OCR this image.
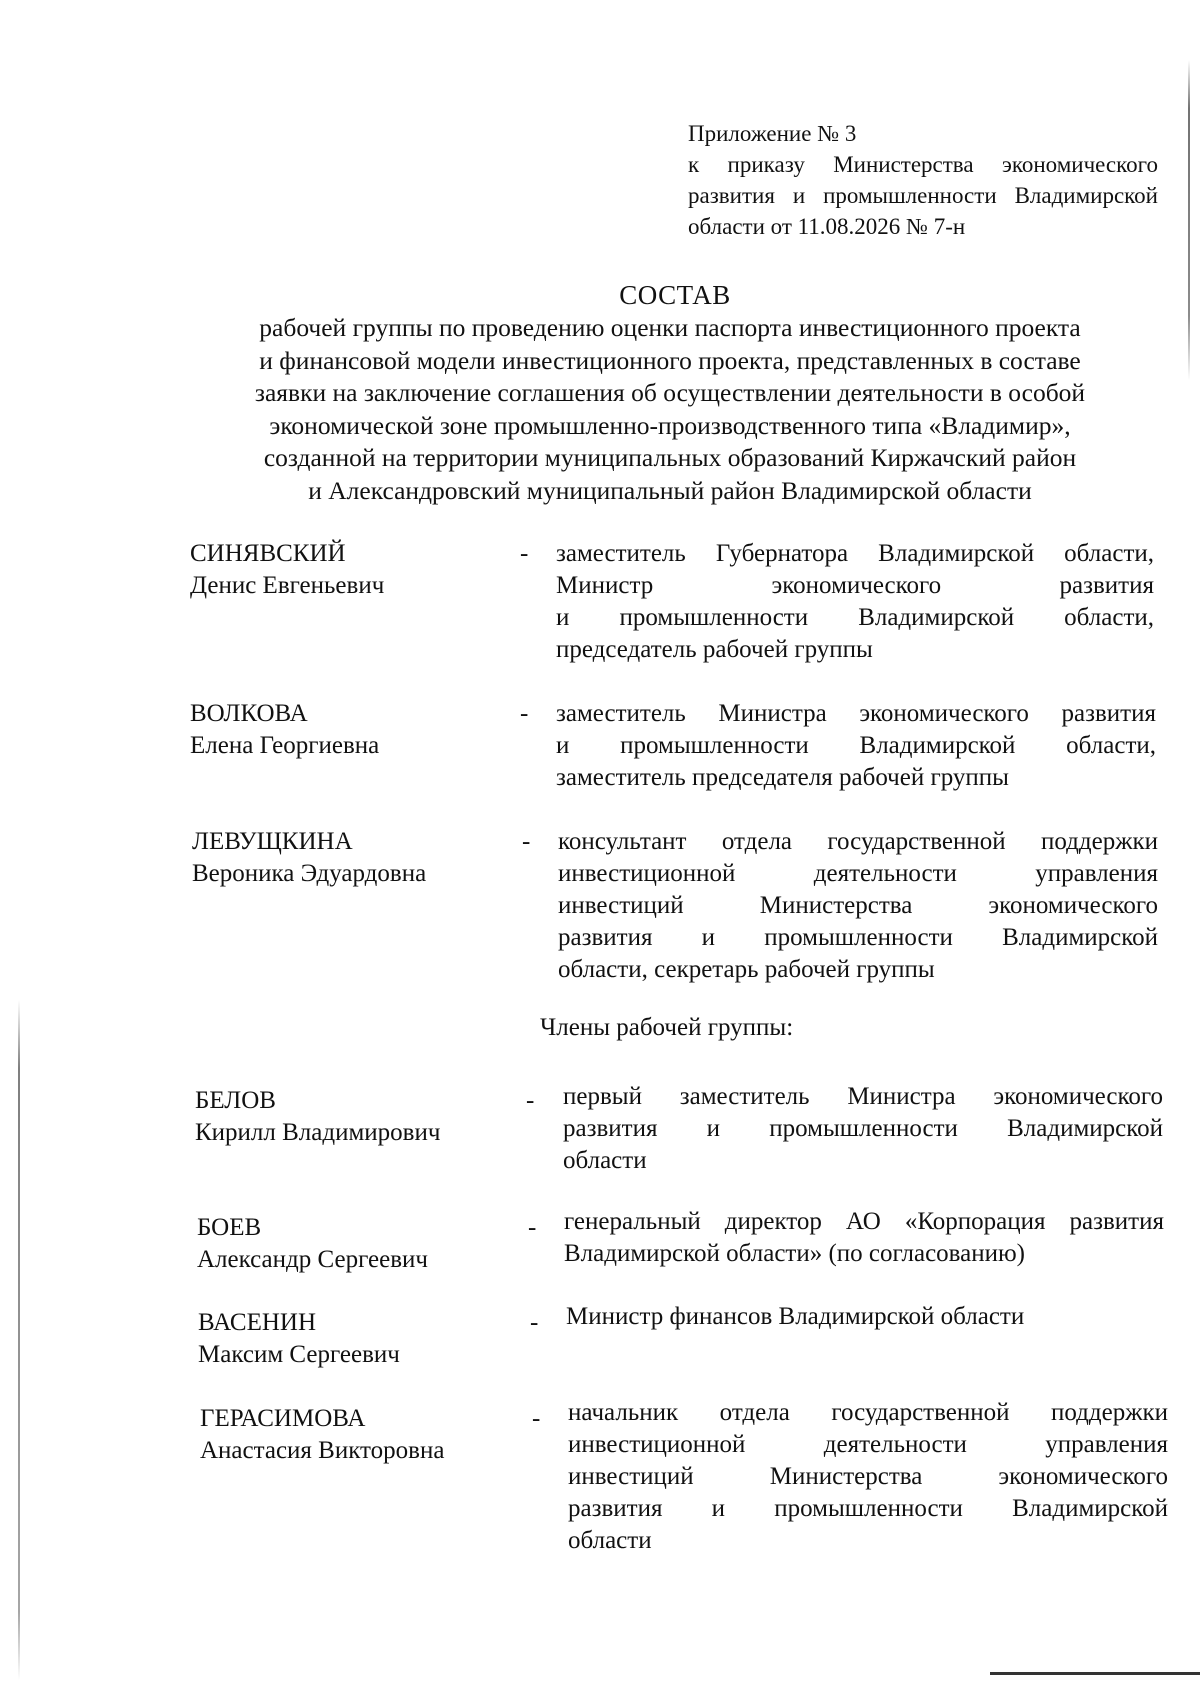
Приложение № 3
к приказу Министерства экономического
развития и промышленности Владимирской
области от 11.08.2026 № 7-н
СОСТАВ
рабочей группы по проведению оценки паспорта инвестиционного проекта
и финансовой модели инвестиционного проекта, представленных в составе
заявки на заключение соглашения об осуществлении деятельности в особой
экономической зоне промышленно-производственного типа «Владимир»,
созданной на территории муниципальных образований Киржачский район
и Александровский муниципальный район Владимирской области
СИНЯВСКИЙ
Денис Евгеньевич
- заместитель Губернатора Владимирской области,
Министр экономического развития
и промышленности Владимирской области,
председатель рабочей группы
ВОЛКОВА
Елена Георгиевна
- заместитель Министра экономического развития
и промышленности Владимирской области,
заместитель председателя рабочей группы
ЛЕВУЩКИНА
Вероника Эдуардовна
- консультант отдела государственной поддержки
инвестиционной деятельности управления
инвестиций Министерства экономического
развития и промышленности Владимирской
области, секретарь рабочей группы
Члены рабочей группы:
БЕЛОВ
Кирилл Владимирович
- первый заместитель Министра экономического
развития и промышленности Владимирской
области
БОЕВ
Александр Сергеевич
- генеральный директор АО «Корпорация развития
Владимирской области» (по согласованию)
ВАСЕНИН
Максим Сергеевич
- Министр финансов Владимирской области
ГЕРАСИМОВА
Анастасия Викторовна
- начальник отдела государственной поддержки
инвестиционной деятельности управления
инвестиций Министерства экономического
развития и промышленности Владимирской
области
